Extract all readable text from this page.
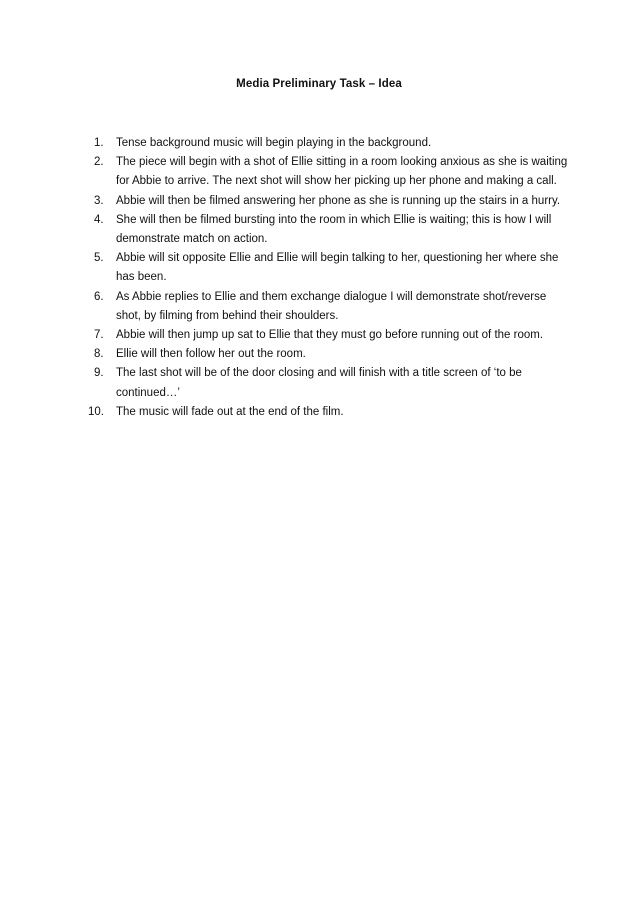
Media Preliminary Task – Idea
1. Tense background music will begin playing in the background.
2. The piece will begin with a shot of Ellie sitting in a room looking anxious as she is waiting for Abbie to arrive. The next shot will show her picking up her phone and making a call.
3. Abbie will then be filmed answering her phone as she is running up the stairs in a hurry.
4. She will then be filmed bursting into the room in which Ellie is waiting; this is how I will demonstrate match on action.
5. Abbie will sit opposite Ellie and Ellie will begin talking to her, questioning her where she has been.
6. As Abbie replies to Ellie and them exchange dialogue I will demonstrate shot/reverse shot, by filming from behind their shoulders.
7. Abbie will then jump up sat to Ellie that they must go before running out of the room.
8. Ellie will then follow her out the room.
9. The last shot will be of the door closing and will finish with a title screen of ‘to be continued…’
10. The music will fade out at the end of the film.
